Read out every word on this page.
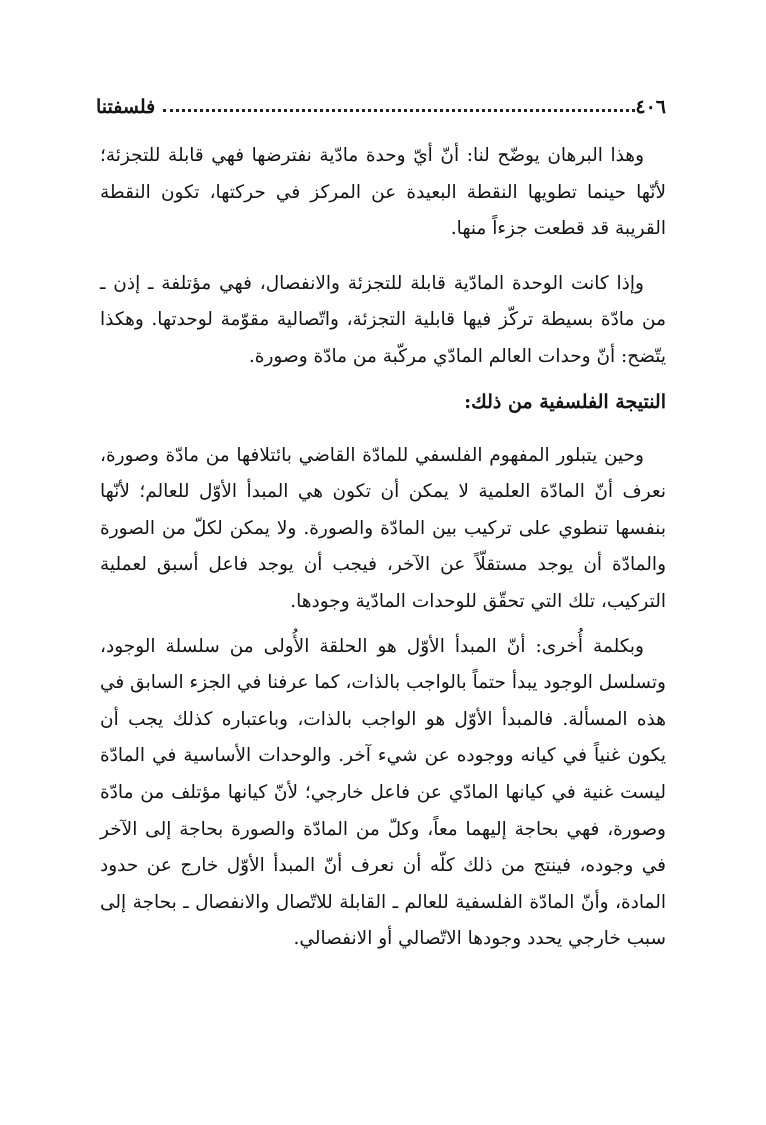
٤٠٦
فلسفتنا

وهذا البرهان يوضّح لنا: أنّ أيّ وحدة مادّية نفترضها فهي قابلة للتجزئة؛ لأنّها حينما تطويها النقطة البعيدة عن المركز في حركتها، تكون النقطة القريبة قد قطعت جزءاً منها.

وإذا كانت الوحدة المادّية قابلة للتجزئة والانفصال، فهي مؤتلفة ـ إذن ـ من مادّة بسيطة تركّز فيها قابلية التجزئة، واتّصالية مقوّمة لوحدتها. وهكذا يتّضح: أنّ وحدات العالم المادّي مركّبة من مادّة وصورة.

النتيجة الفلسفية من ذلك:

وحين يتبلور المفهوم الفلسفي للمادّة القاضي بائتلافها من مادّة وصورة، نعرف أنّ المادّة العلمية لا يمكن أن تكون هي المبدأ الأوّل للعالم؛ لأنّها بنفسها تنطوي على تركيب بين المادّة والصورة. ولا يمكن لكلّ من الصورة والمادّة أن يوجد مستقلّاً عن الآخر، فيجب أن يوجد فاعل أسبق لعملية التركيب، تلك التي تحقّق للوحدات المادّية وجودها.

وبكلمة أُخرى: أنّ المبدأ الأوّل هو الحلقة الأُولى من سلسلة الوجود، وتسلسل الوجود يبدأ حتماً بالواجب بالذات، كما عرفنا في الجزء السابق في هذه المسألة. فالمبدأ الأوّل هو الواجب بالذات، وباعتباره كذلك يجب أن يكون غنياً في كيانه ووجوده عن شيء آخر. والوحدات الأساسية في المادّة ليست غنية في كيانها المادّي عن فاعل خارجي؛ لأنّ كيانها مؤتلف من مادّة وصورة، فهي بحاجة إليهما معاً، وكلّ من المادّة والصورة بحاجة إلى الآخر في وجوده، فينتج من ذلك كلّه أن نعرف أنّ المبدأ الأوّل خارج عن حدود المادة، وأنّ المادّة الفلسفية للعالم ـ القابلة للاتّصال والانفصال ـ بحاجة إلى سبب خارجي يحدد وجودها الاتّصالي أو الانفصالي.
